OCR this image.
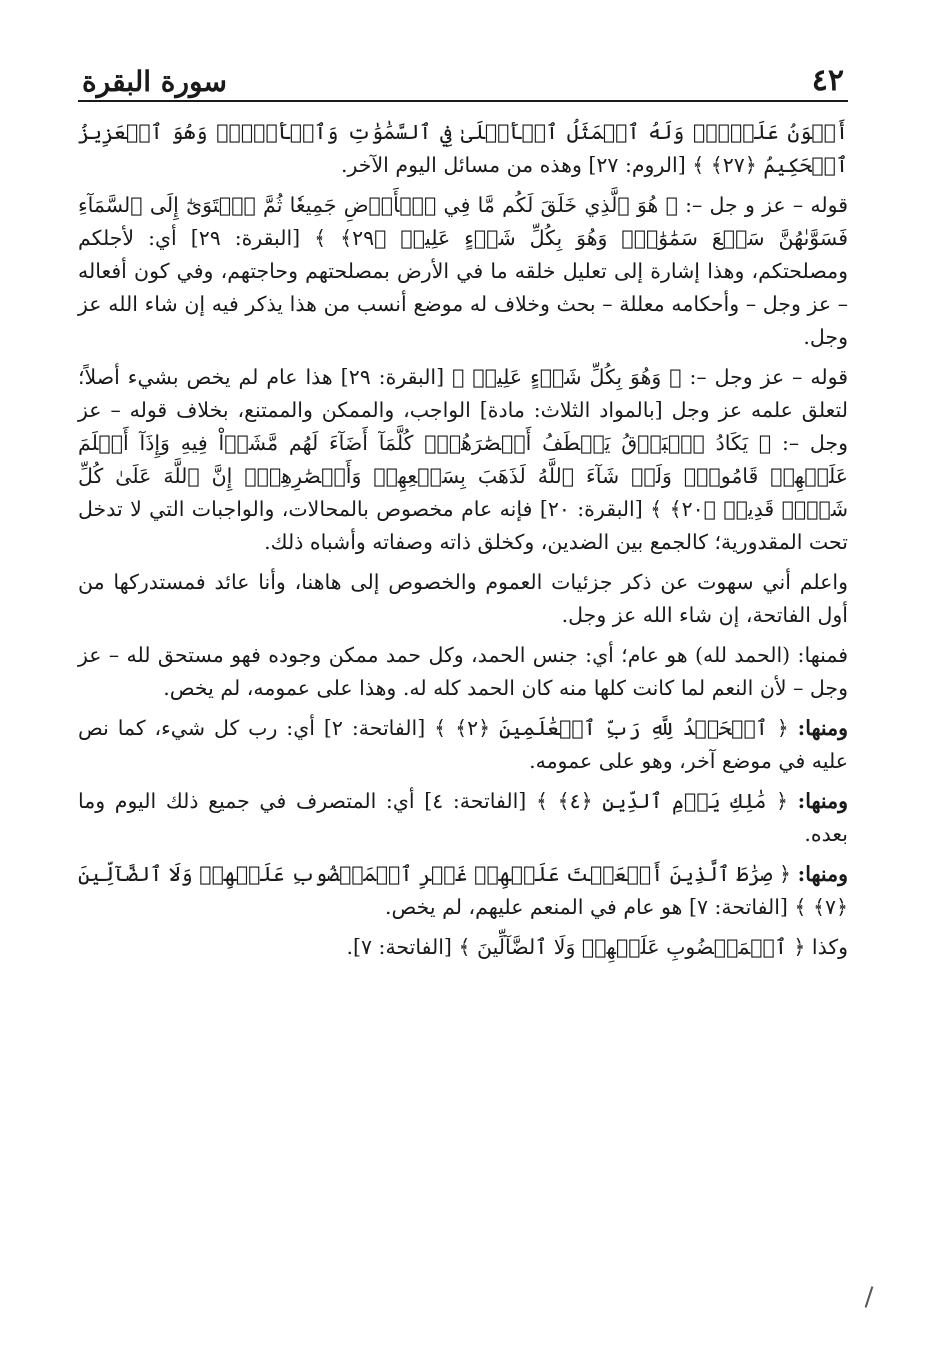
٤٢
سورة البقرة

أَهۡوَنُ عَلَيۡهِۚ وَلَهُ ٱلۡمَثَلُ ٱلۡأَعۡلَىٰ فِي ٱلسَّمَٰوَٰتِ وَٱلۡأَرۡضِۚ وَهُوَ ٱلۡعَزِيزُ ٱلۡحَكِيمُ ﴿٢٧﴾ ﴾ [الروم: ٢٧] وهذه من مسائل اليوم الآخر.

قوله – عز و جل –: ﴿ هُوَ ٱلَّذِي خَلَقَ لَكُم مَّا فِي ٱلۡأَرۡضِ جَمِيعٗا ثُمَّ ٱسۡتَوَىٰٓ إِلَى ٱلسَّمَآءِ فَسَوَّىٰهُنَّ سَبۡعَ سَمَٰوَٰتٖۚ وَهُوَ بِكُلِّ شَيۡءٍ عَلِيمٞ ﴿٢٩﴾ ﴾ [البقرة: ٢٩] أي: لأجلكم ومصلحتكم، وهذا إشارة إلى تعليل خلقه ما في الأرض بمصلحتهم وحاجتهم، وفي كون أفعاله – عز وجل – وأحكامه معللة – بحث وخلاف له موضع أنسب من هذا يذكر فيه إن شاء الله عز وجل.

قوله – عز وجل –: ﴿ وَهُوَ بِكُلِّ شَيۡءٍ عَلِيمٞ ﴾ [البقرة: ٢٩] هذا عام لم يخص بشيء أصلاً؛ لتعلق علمه عز وجل [بالمواد الثلاث: مادة] الواجب، والممكن والممتنع، بخلاف قوله – عز وجل –: ﴿ يَكَادُ ٱلۡبَرۡقُ يَخۡطَفُ أَبۡصَٰرَهُمۡۖ كُلَّمَآ أَضَآءَ لَهُم مَّشَوۡاْ فِيهِ وَإِذَآ أَظۡلَمَ عَلَيۡهِمۡ قَامُواْۚ وَلَوۡ شَآءَ ٱللَّهُ لَذَهَبَ بِسَمۡعِهِمۡ وَأَبۡصَٰرِهِمۡۚ إِنَّ ٱللَّهَ عَلَىٰ كُلِّ شَيۡءٖ قَدِيرٞ ﴿٢٠﴾ ﴾ [البقرة: ٢٠] فإنه عام مخصوص بالمحالات، والواجبات التي لا تدخل تحت المقدورية؛ كالجمع بين الضدين، وكخلق ذاته وصفاته وأشباه ذلك.

واعلم أني سهوت عن ذكر جزئيات العموم والخصوص إلى هاهنا، وأنا عائد فمستدركها من أول الفاتحة، إن شاء الله عز وجل.

فمنها: (الحمد لله) هو عام؛ أي: جنس الحمد، وكل حمد ممكن وجوده فهو مستحق لله – عز وجل – لأن النعم لما كانت كلها منه كان الحمد كله له. وهذا على عمومه، لم يخص.

ومنها: ﴿ ٱلۡحَمۡدُ لِلَّهِ رَبِّ ٱلۡعَٰلَمِينَ ﴿٢﴾ ﴾ [الفاتحة: ٢] أي: رب كل شيء، كما نص عليه في موضع آخر، وهو على عمومه.

ومنها: ﴿ مَٰلِكِ يَوۡمِ ٱلدِّينِ ﴿٤﴾ ﴾ [الفاتحة: ٤] أي: المتصرف في جميع ذلك اليوم وما بعده.

ومنها: ﴿ صِرَٰطَ ٱلَّذِينَ أَنۡعَمۡتَ عَلَيۡهِمۡ غَيۡرِ ٱلۡمَغۡضُوبِ عَلَيۡهِمۡ وَلَا ٱلضَّآلِّينَ ﴿٧﴾ ﴾ [الفاتحة: ٧] هو عام في المنعم عليهم، لم يخص.

وكذا ﴿ ٱلۡمَغۡضُوبِ عَلَيۡهِمۡ وَلَا ٱلضَّآلِّينَ ﴾ [الفاتحة: ٧].
